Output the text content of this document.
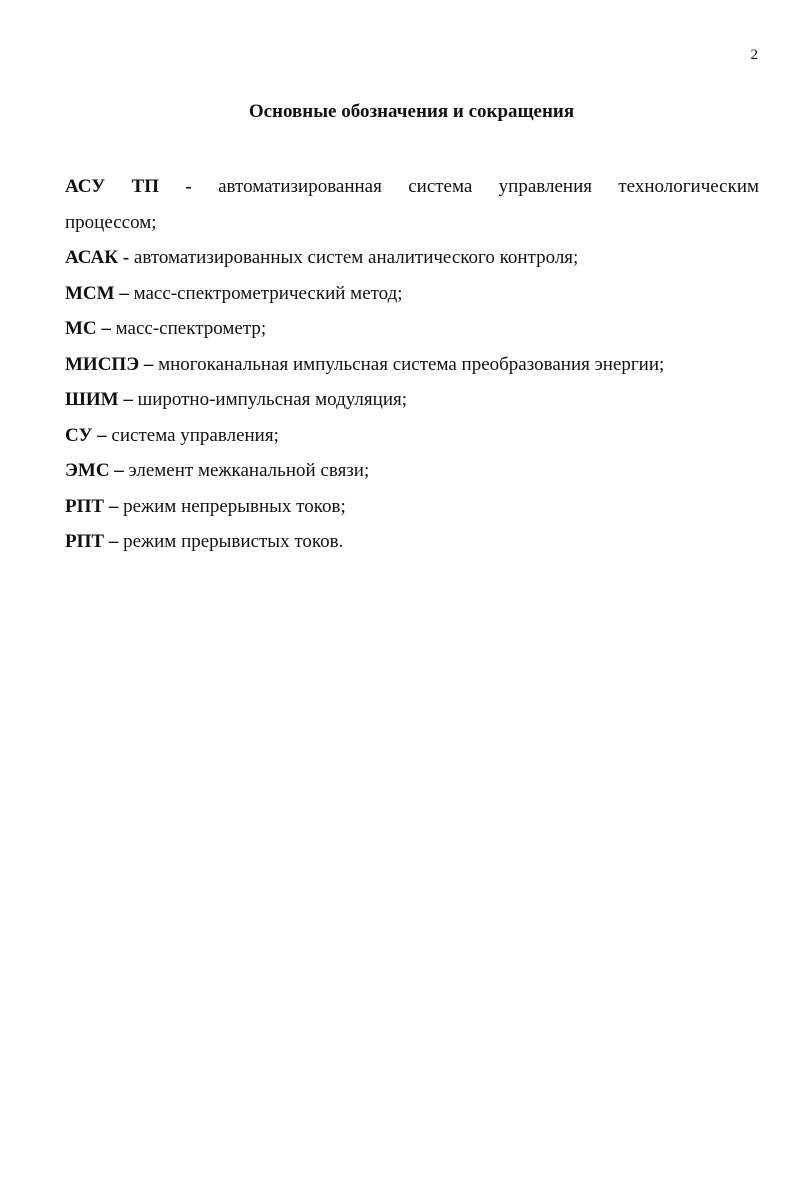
2
Основные обозначения и сокращения
АСУ ТП - автоматизированная система управления технологическим
процессом;
АСАК - автоматизированных систем аналитического контроля;
МСМ – масс-спектрометрический метод;
МС – масс-спектрометр;
МИСПЭ – многоканальная импульсная система преобразования энергии;
ШИМ – широтно-импульсная модуляция;
СУ – система управления;
ЭМС – элемент межканальной связи;
РПТ – режим непрерывных токов;
РПТ – режим прерывистых токов.
